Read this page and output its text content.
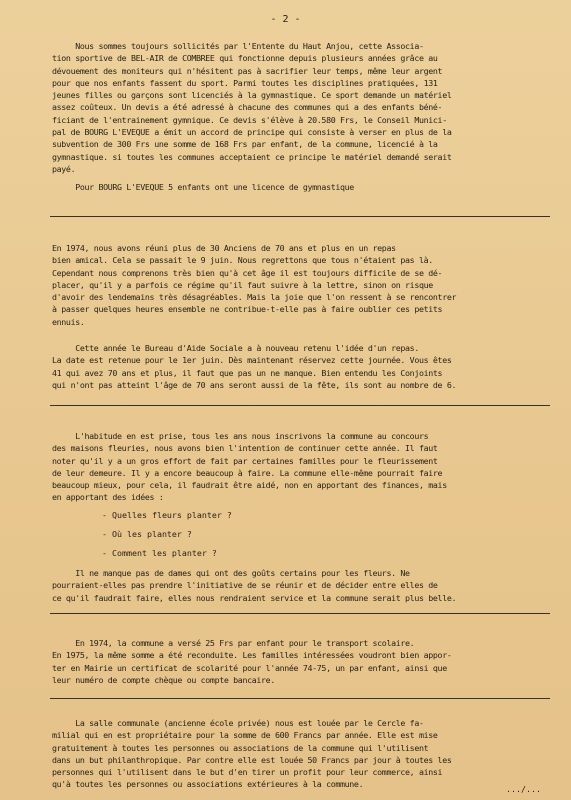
- 2 -
Nous sommes toujours sollicités par l'Entente du Haut Anjou, cette Associa-
tion sportive de BEL-AIR de COMBREE qui fonctionne depuis plusieurs années grâce au
dévouement des moniteurs qui n'hésitent pas à sacrifier leur temps, même leur argent
pour que nos enfants fassent du sport. Parmi toutes les disciplines pratiquées, 131
jeunes filles ou garçons sont licenciés à la gymnastique. Ce sport demande un matériel
assez coûteux. Un devis a été adressé à chacune des communes qui a des enfants béné-
ficiant de l'entrainement gymnique. Ce devis s'élève à 20.580 Frs, le Conseil Munici-
pal de BOURG L'EVEQUE a émit un accord de principe qui consiste à verser en plus de la
subvention de 300 Frs une somme de 168 Frs par enfant, de la commune, licencié à la
gymnastique. si toutes les communes acceptaient ce principe le matériel demandé serait
payé.
Pour BOURG L'EVEQUE 5 enfants ont une licence de gymnastique
En 1974, nous avons réuni plus de 30 Anciens de 70 ans et plus en un repas
bien amical. Cela se passait le 9 juin. Nous regrettons que tous n'étaient pas là.
Cependant nous comprenons très bien qu'à cet âge il est toujours difficile de se dé-
placer, qu'il y a parfois ce régime qu'il faut suivre à la lettre, sinon on risque
d'avoir des lendemains très désagréables. Mais la joie que l'on ressent à se rencontrer
à passer quelques heures ensemble ne contribue-t-elle pas à faire oublier ces petits
ennuis.
Cette année le Bureau d'Aide Sociale a à nouveau retenu l'idée d'un repas.
La date est retenue pour le 1er juin. Dès maintenant réservez cette journée. Vous êtes
41 qui avez 70 ans et plus, il faut que pas un ne manque. Bien entendu les Conjoints
qui n'ont pas atteint l'âge de 70 ans seront aussi de la fête, ils sont au nombre de 6.
L'habitude en est prise, tous les ans nous inscrivons la commune au concours
des maisons fleuries, nous avons bien l'intention de continuer cette année. Il faut
noter qu'il y a un gros effort de fait par certaines familles pour le fleurissement
de leur demeure. Il y a encore beaucoup à faire. La commune elle-même pourrait faire
beaucoup mieux, pour cela, il faudrait être aidé, non en apportant des finances, mais
en apportant des idées :
- Quelles fleurs planter ?
- Où les planter ?
- Comment les planter ?
Il ne manque pas de dames qui ont des goûts certains pour les fleurs. Ne
pourraient-elles pas prendre l'initiative de se réunir et de décider entre elles de
ce qu'il faudrait faire, elles nous rendraient service et la commune serait plus belle.
En 1974, la commune a versé 25 Frs par enfant pour le transport scolaire.
En 1975, la même somme a été reconduite. Les familles intéressées voudront bien appor-
ter en Mairie un certificat de scolarité pour l'année 74-75, un par enfant, ainsi que
leur numéro de compte chèque ou compte bancaire.
La salle communale (ancienne école privée) nous est louée par le Cercle fa-
milial qui en est propriétaire pour la somme de 600 Francs par année. Elle est mise
gratuitement à toutes les personnes ou associations de la commune qui l'utilisent
dans un but philanthropique. Par contre elle est louée 50 Francs par jour à toutes les
personnes qui l'utilisent dans le but d'en tirer un profit pour leur commerce, ainsi
qu'à toutes les personnes ou associations extérieures à la commune.	...∕...
